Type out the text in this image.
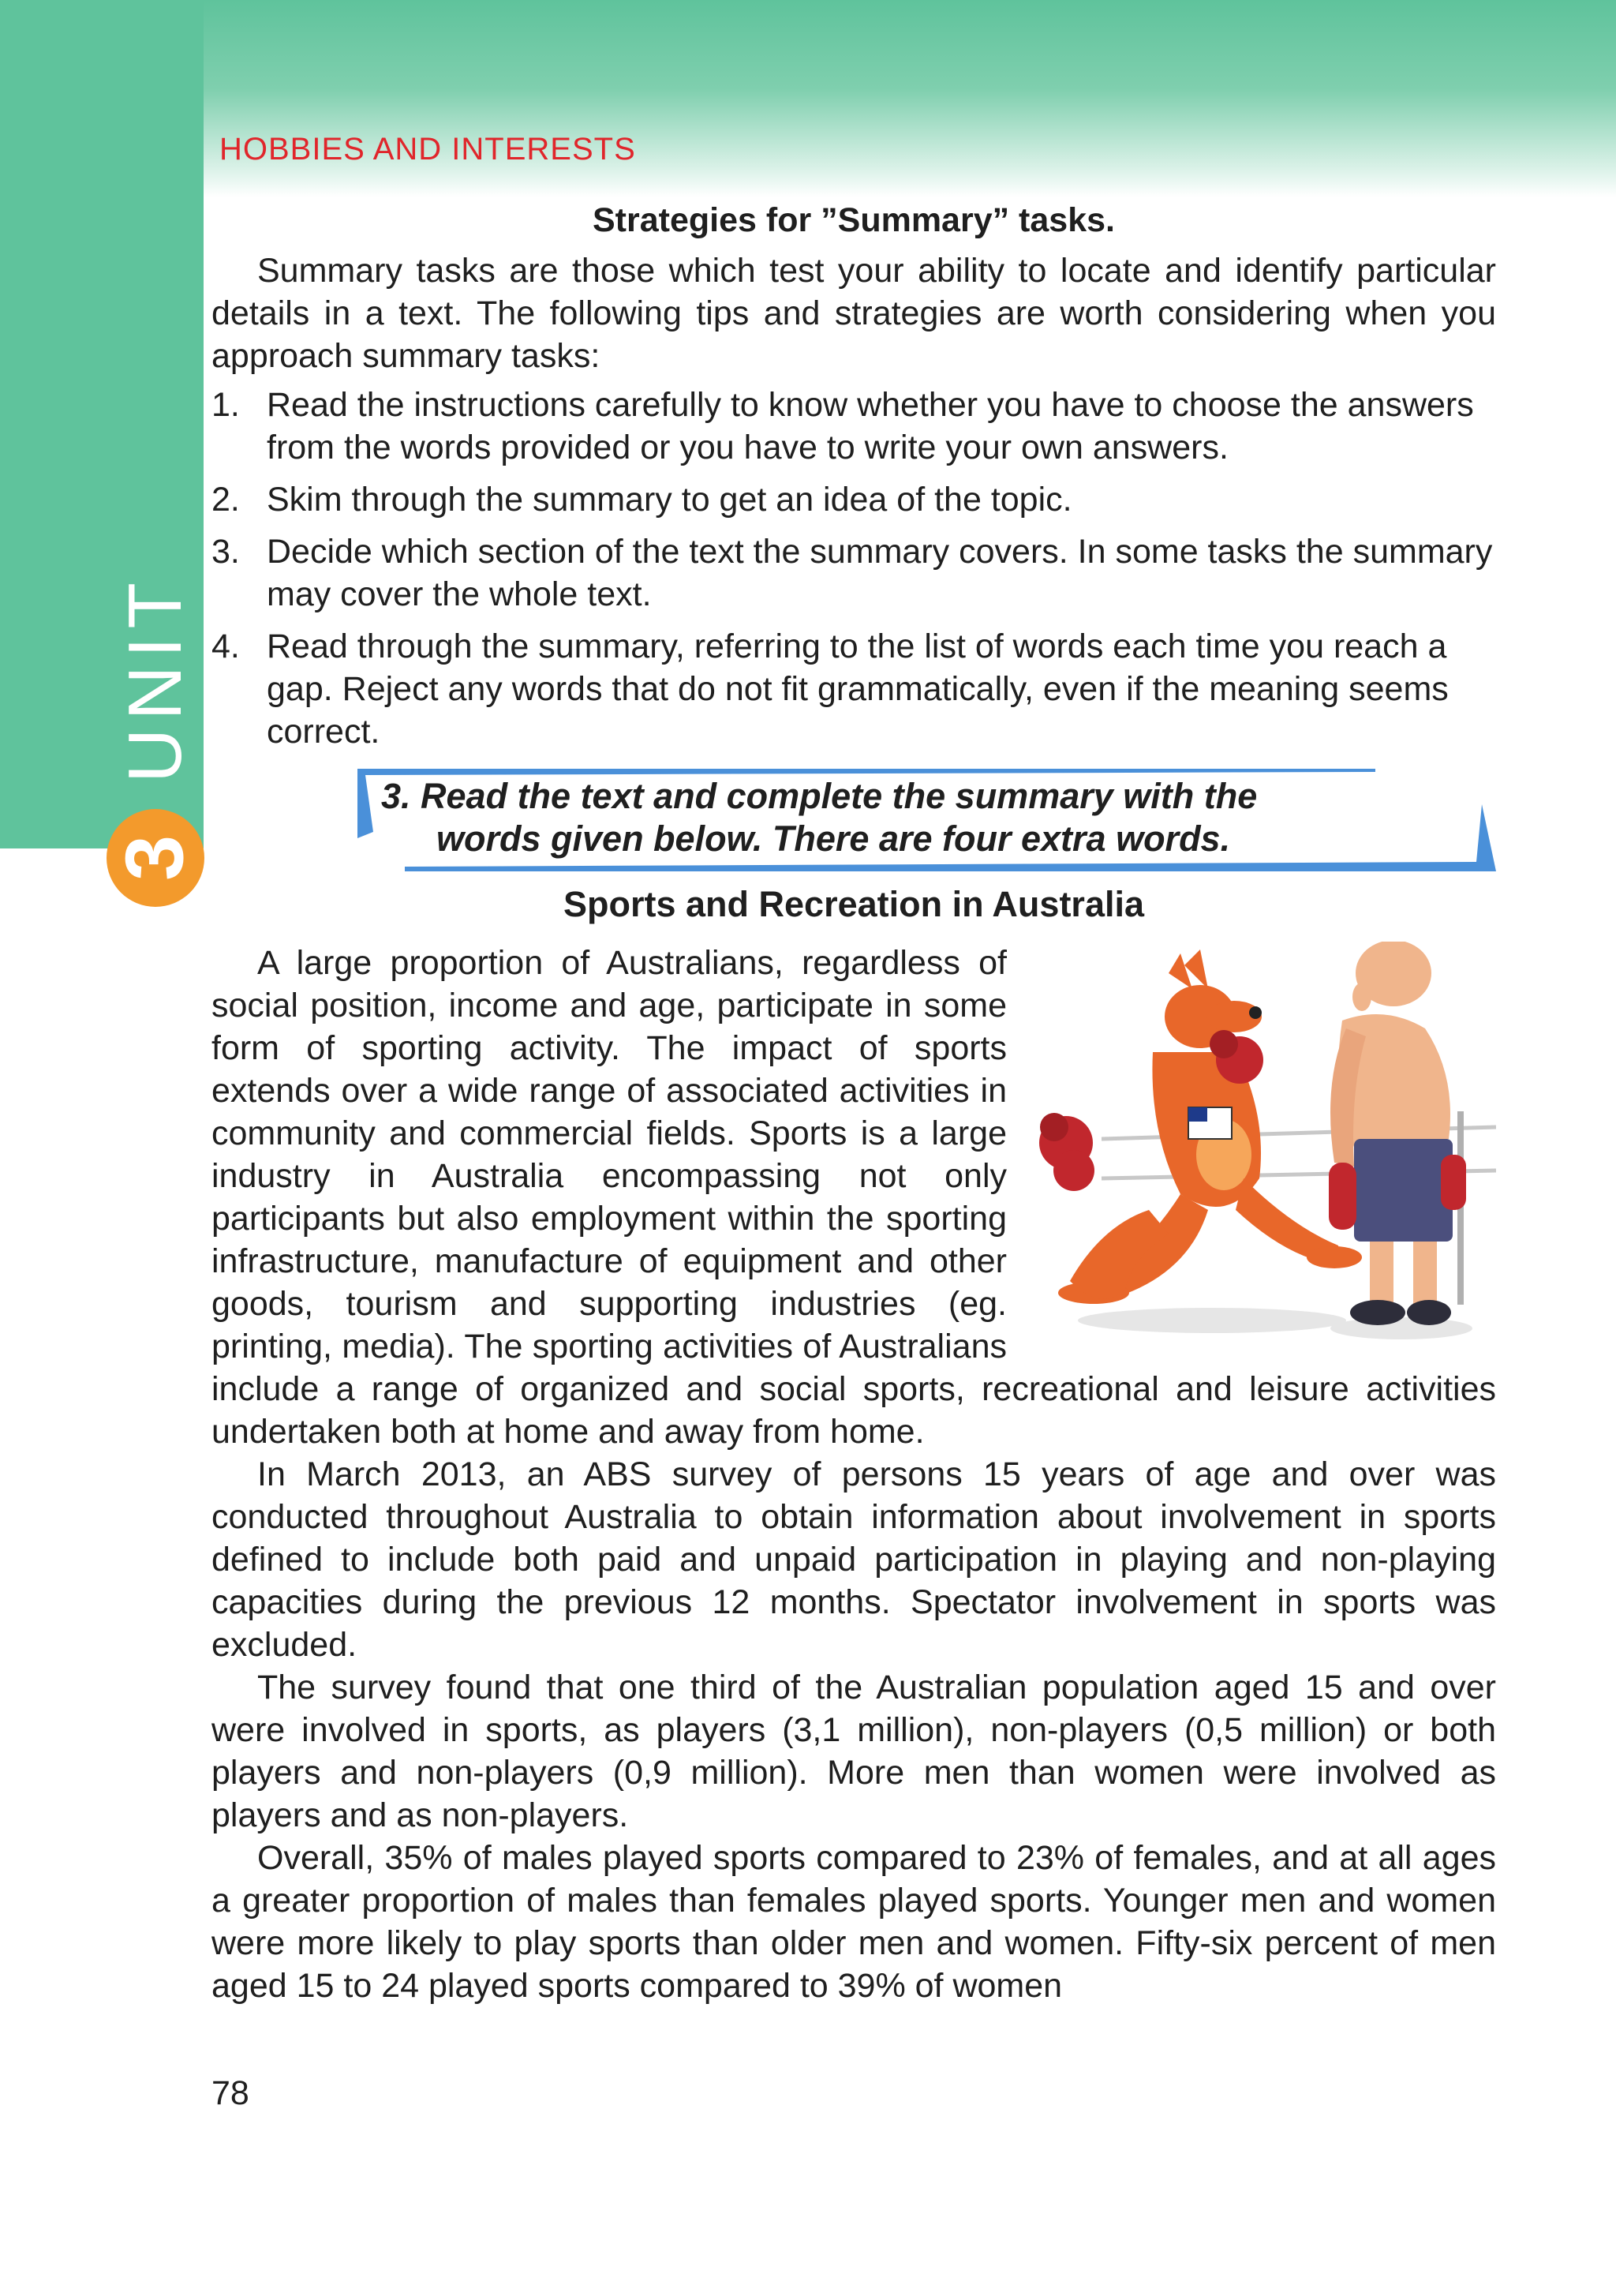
UNIT
3
HOBBIES AND INTERESTS

Strategies for ”Summary” tasks.

Summary tasks are those which test your ability to locate and identify particular details in a text. The following tips and strategies are worth considering when you approach summary tasks:

1. Read the instructions carefully to know whether you have to choose the answers from the words provided or you have to write your own answers.
2. Skim through the summary to get an idea of the topic.
3. Decide which section of the text the summary covers. In some tasks the summary may cover the whole text.
4. Read through the summary, referring to the list of words each time you reach a gap. Reject any words that do not fit grammatically, even if the meaning seems correct.
3. Read the text and complete the summary with the
words given below. There are four extra words.

Sports and Recreation in Australia

A large proportion of Australians, regardless of social position, income and age, participate in some form of sporting activity. The impact of sports extends over a wide range of associated activities in community and commercial fields. Sports is a large industry in Australia encompassing not only participants but also employment within the sporting infrastructure, manufacture of equipment and other goods, tourism and supporting industries (eg. printing, media). The sporting activities of Australians include a range of organized and social sports, recreational and leisure activities undertaken both at home and away from home.

In March 2013, an ABS survey of persons 15 years of age and over was conducted throughout Australia to obtain information about involvement in sports defined to include both paid and unpaid participation in playing and non-playing capacities during the previous 12 months. Spectator involvement in sports was excluded.

The survey found that one third of the Australian population aged 15 and over were involved in sports, as players (3,1 million), non-players (0,5 million) or both players and non-players (0,9 million). More men than women were involved as players and as non-players.

Overall, 35% of males played sports compared to 23% of females, and at all ages a greater proportion of males than females played sports. Younger men and women were more likely to play sports than older men and women. Fifty-six percent of men aged 15 to 24 played sports compared to 39% of women

78
